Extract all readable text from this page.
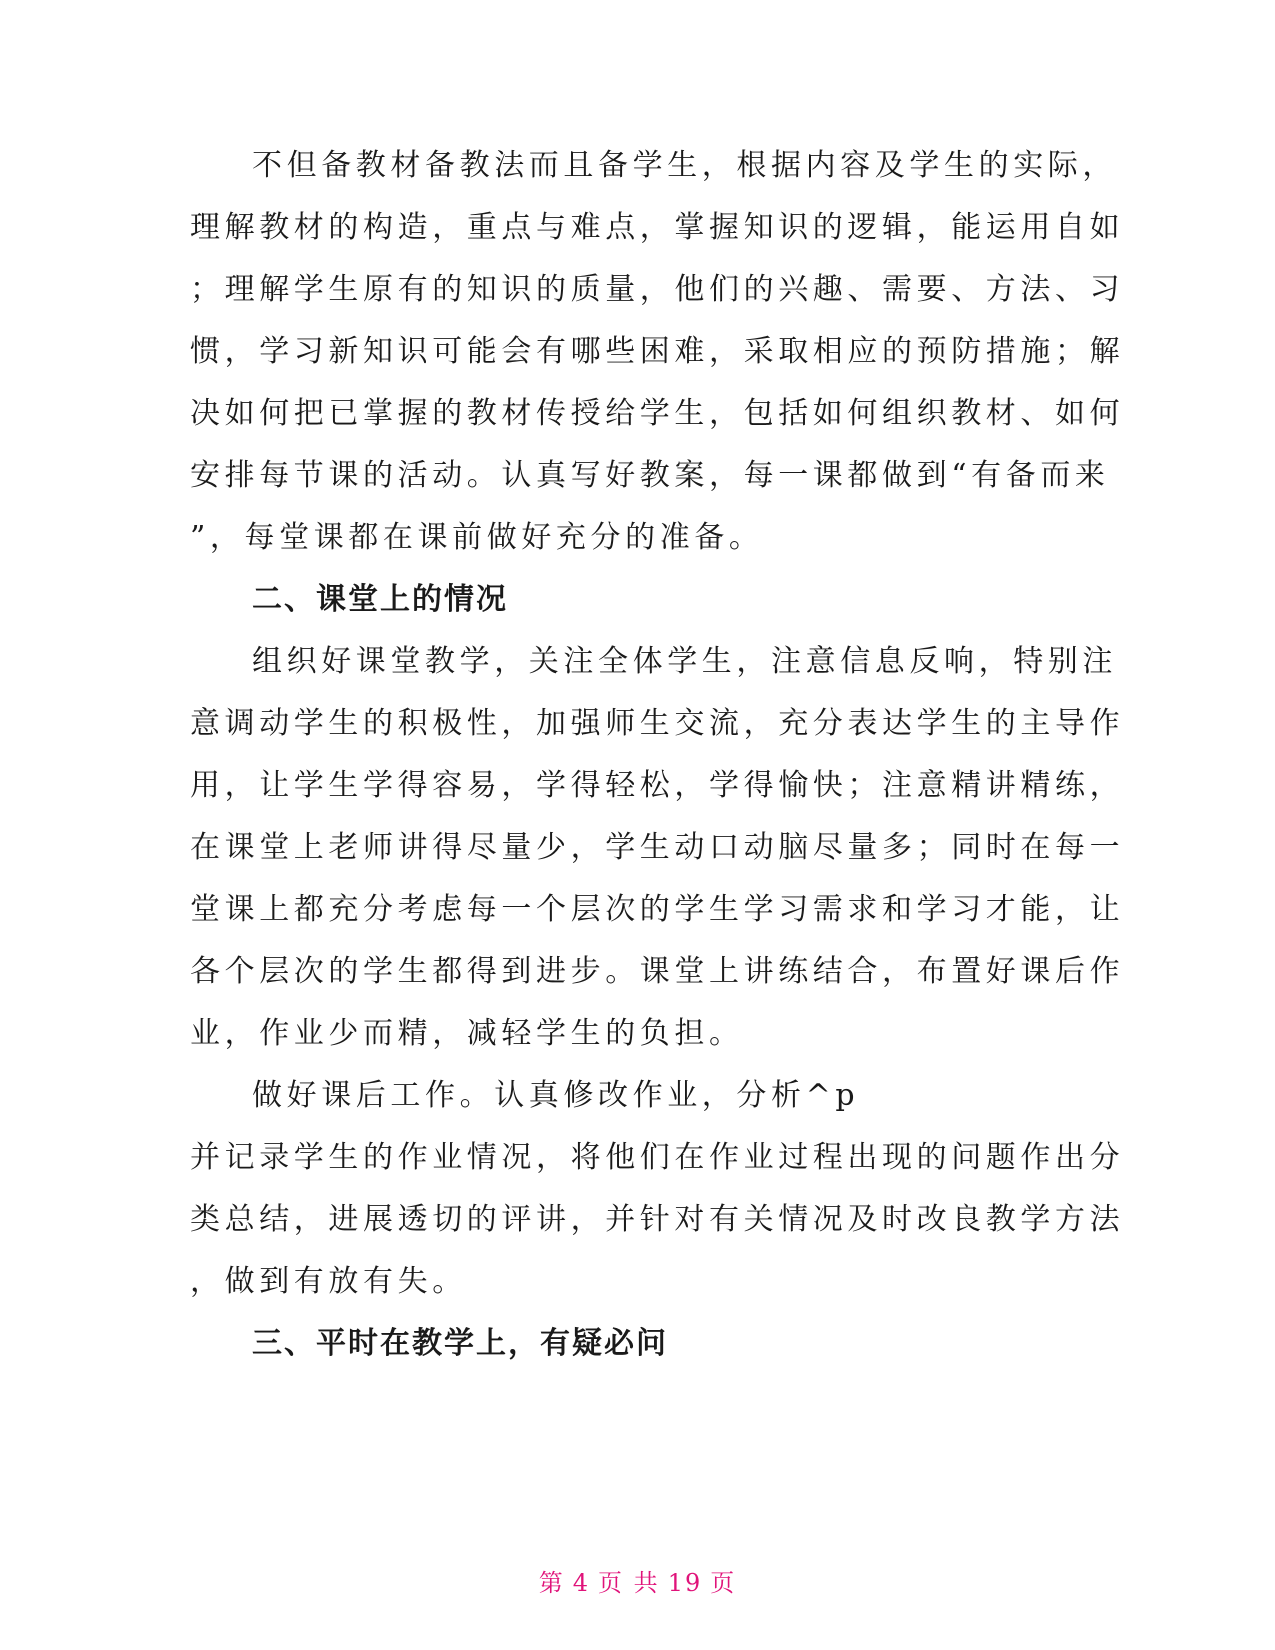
不但备教材备教法而且备学生，根据内容及学生的实际，
理解教材的构造，重点与难点，掌握知识的逻辑，能运用自如
；理解学生原有的知识的质量，他们的兴趣、需要、方法、习
惯，学习新知识可能会有哪些困难，采取相应的预防措施；解
决如何把已掌握的教材传授给学生，包括如何组织教材、如何
安排每节课的活动。认真写好教案，每一课都做到“有备而来
”，每堂课都在课前做好充分的准备。
二、课堂上的情况
组织好课堂教学，关注全体学生，注意信息反响，特别注
意调动学生的积极性，加强师生交流，充分表达学生的主导作
用，让学生学得容易，学得轻松，学得愉快；注意精讲精练，
在课堂上老师讲得尽量少，学生动口动脑尽量多；同时在每一
堂课上都充分考虑每一个层次的学生学习需求和学习才能，让
各个层次的学生都得到进步。课堂上讲练结合，布置好课后作
业，作业少而精，减轻学生的负担。
做好课后工作。认真修改作业，分析^p
并记录学生的作业情况，将他们在作业过程出现的问题作出分
类总结，进展透切的评讲，并针对有关情况及时改良教学方法
，做到有放有失。
三、平时在教学上，有疑必问
第 4 页 共 19 页
